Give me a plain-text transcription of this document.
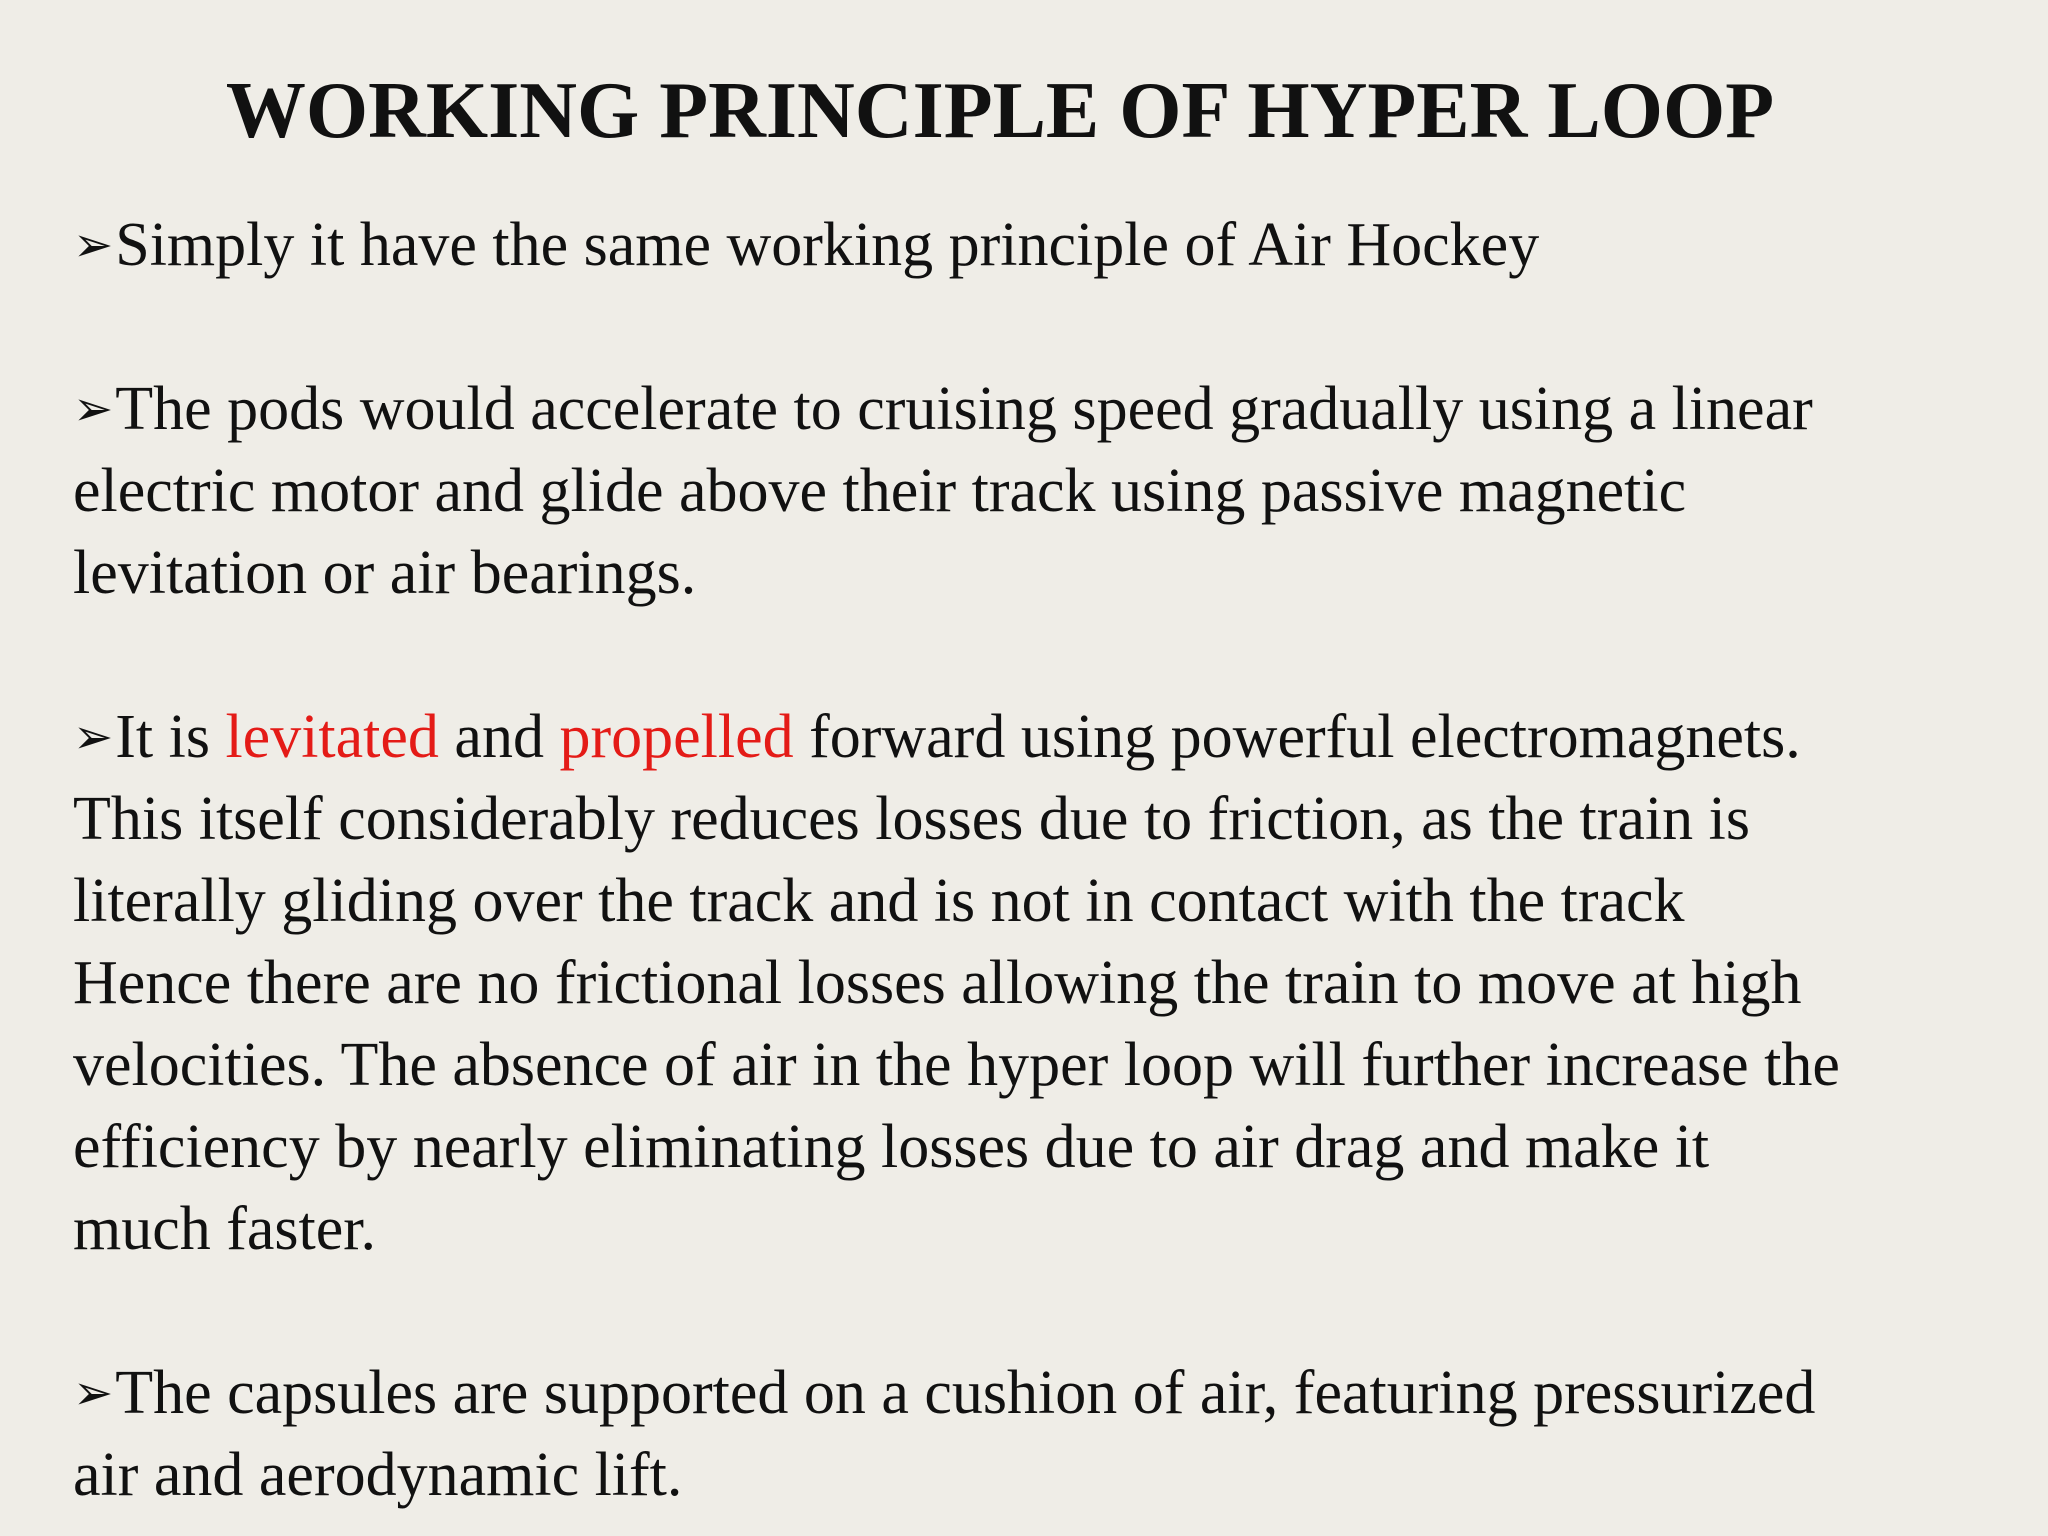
WORKING PRINCIPLE OF HYPER LOOP
➢Simply it have the same working principle of Air Hockey
➢The pods would accelerate to cruising speed gradually using a linear
electric motor and glide above their track using passive magnetic
levitation or air bearings.
➢It is levitated and propelled forward using powerful electromagnets.
This itself considerably reduces losses due to friction, as the train is
literally gliding over the track and is not in contact with the track
Hence there are no frictional losses allowing the train to move at high
velocities. The absence of air in the hyper loop will further increase the
efficiency by nearly eliminating losses due to air drag and make it
much faster.
➢The capsules are supported on a cushion of air, featuring pressurized
air and aerodynamic lift.
